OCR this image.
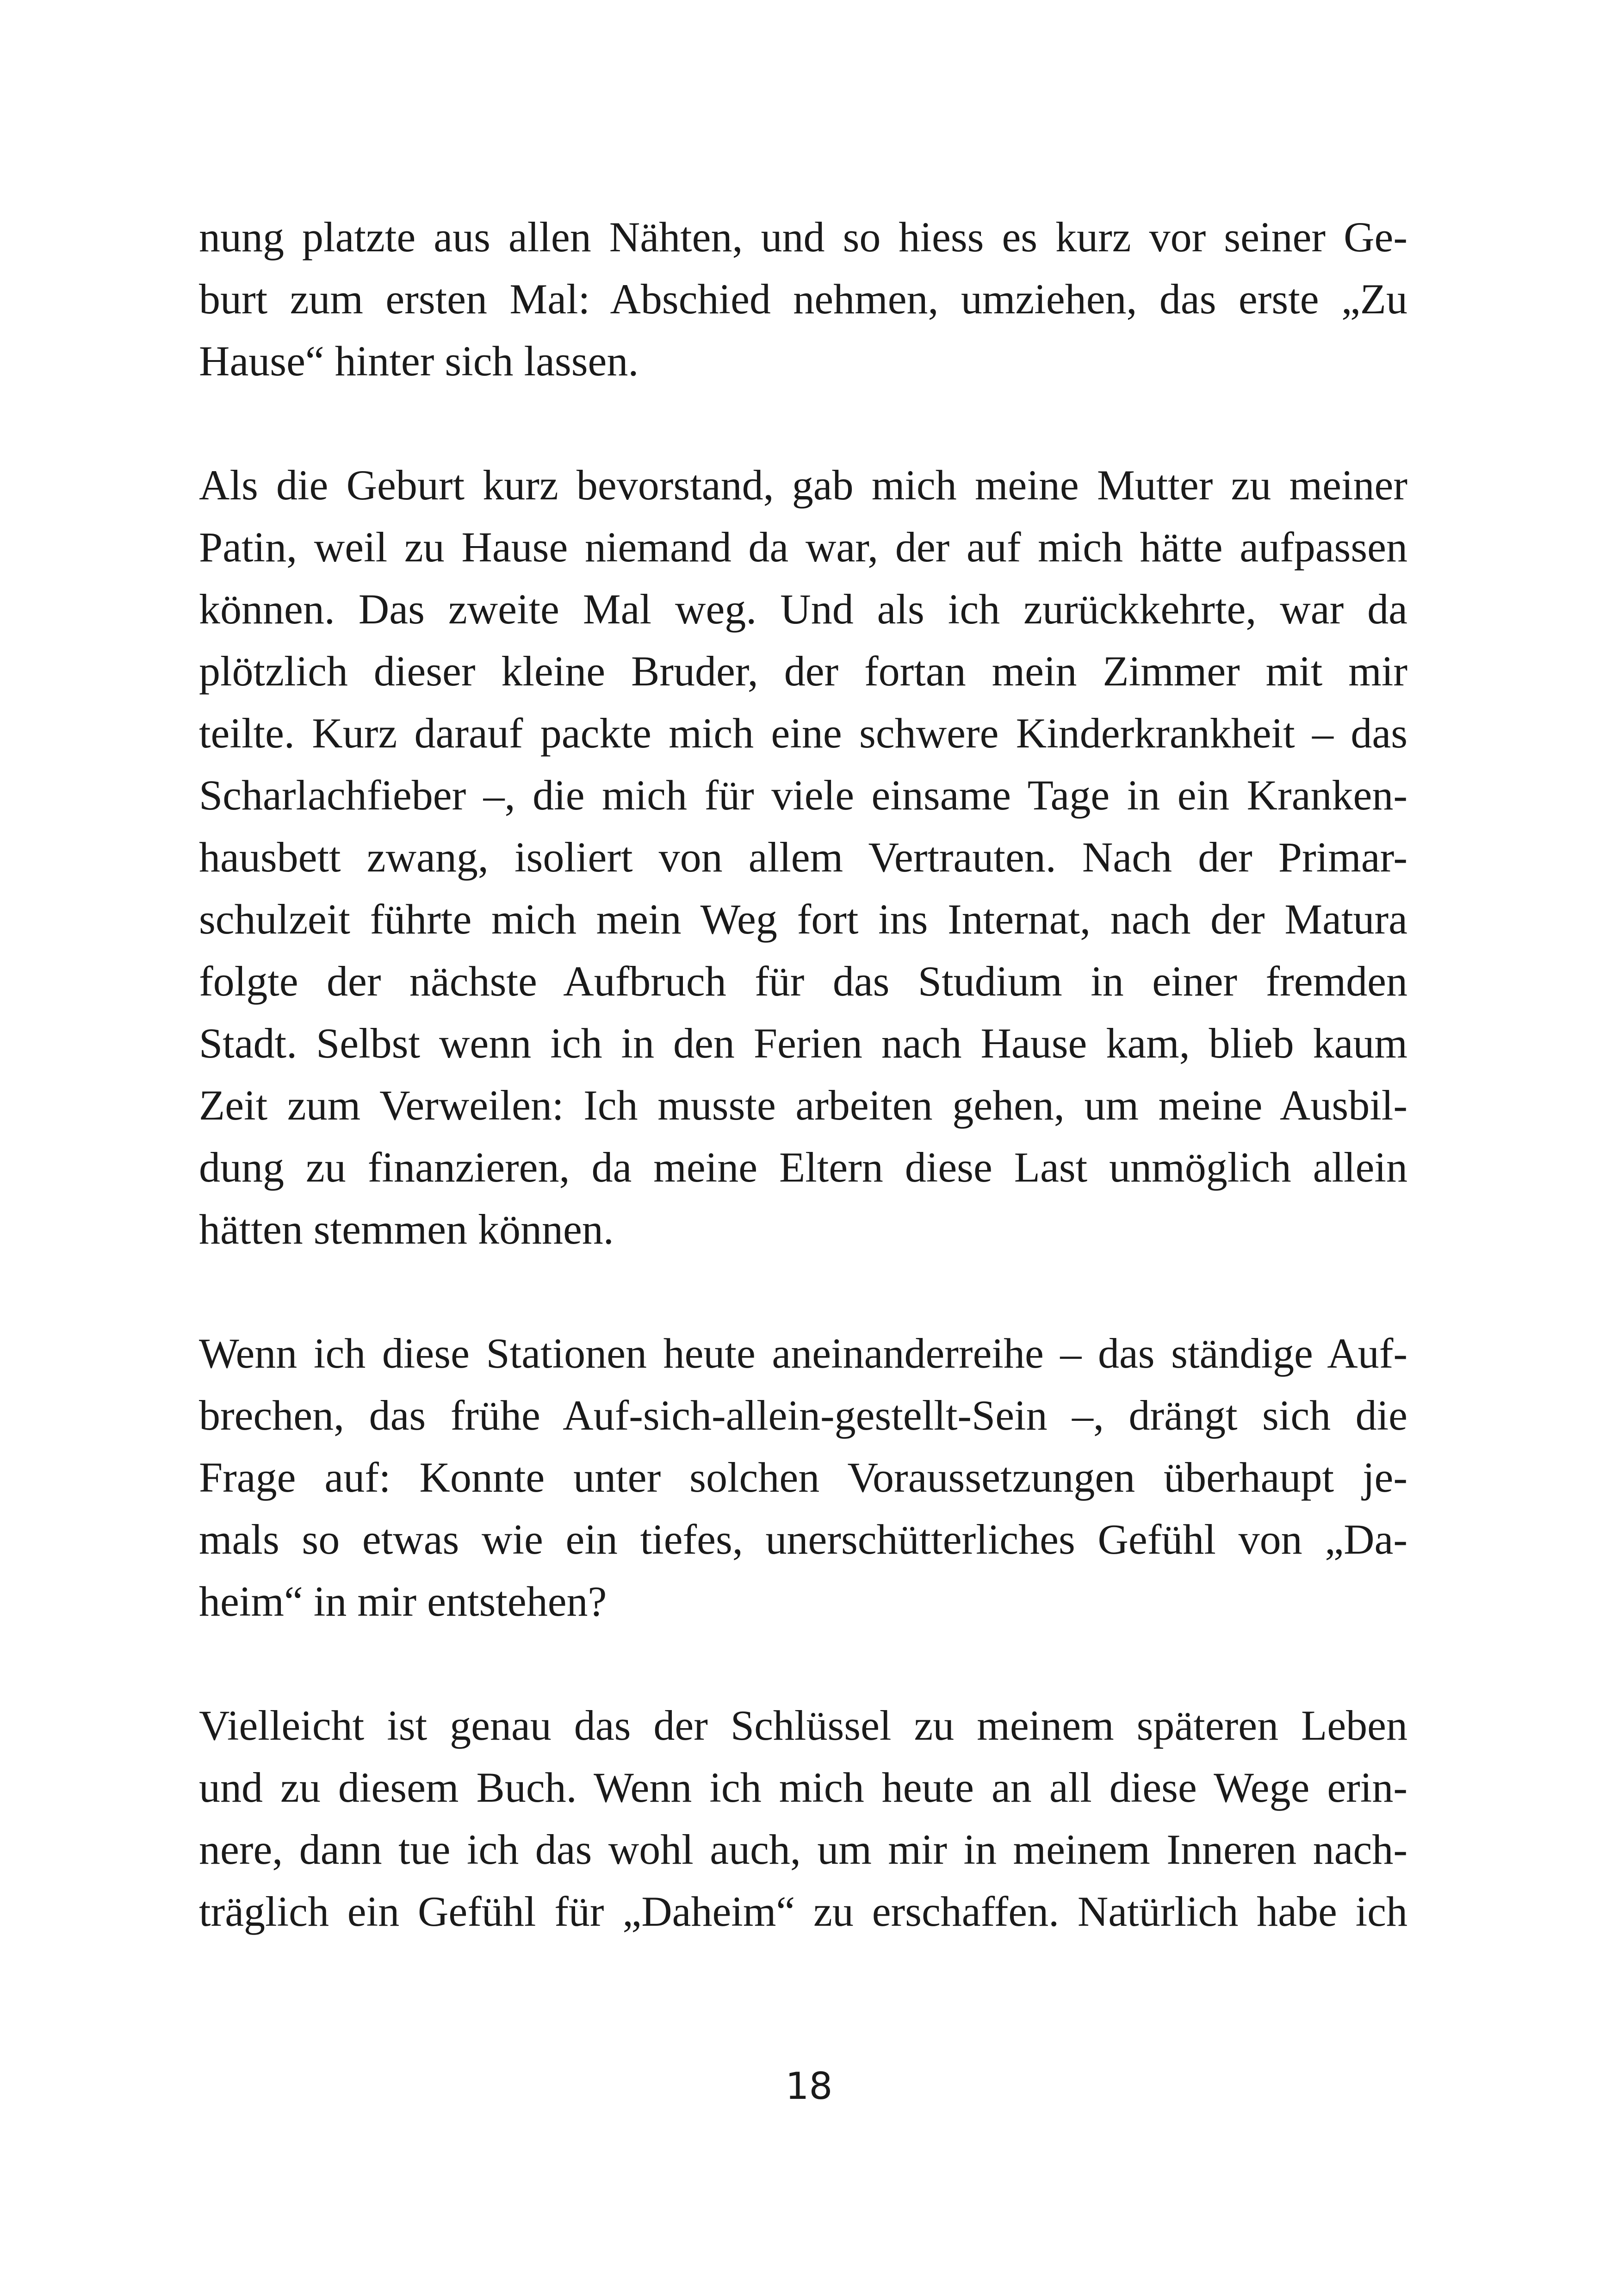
nung platzte aus allen Nähten, und so hiess es kurz vor seiner Ge-
burt zum ersten Mal: Abschied nehmen, umziehen, das erste „Zu
Hause“ hinter sich lassen.

Als die Geburt kurz bevorstand, gab mich meine Mutter zu meiner
Patin, weil zu Hause niemand da war, der auf mich hätte aufpassen
können. Das zweite Mal weg. Und als ich zurückkehrte, war da
plötzlich dieser kleine Bruder, der fortan mein Zimmer mit mir
teilte. Kurz darauf packte mich eine schwere Kinderkrankheit – das
Scharlachfieber –, die mich für viele einsame Tage in ein Kranken-
hausbett zwang, isoliert von allem Vertrauten. Nach der Primar-
schulzeit führte mich mein Weg fort ins Internat, nach der Matura
folgte der nächste Aufbruch für das Studium in einer fremden
Stadt. Selbst wenn ich in den Ferien nach Hause kam, blieb kaum
Zeit zum Verweilen: Ich musste arbeiten gehen, um meine Ausbil-
dung zu finanzieren, da meine Eltern diese Last unmöglich allein
hätten stemmen können.

Wenn ich diese Stationen heute aneinanderreihe – das ständige Auf-
brechen, das frühe Auf-sich-allein-gestellt-Sein –, drängt sich die
Frage auf: Konnte unter solchen Voraussetzungen überhaupt je-
mals so etwas wie ein tiefes, unerschütterliches Gefühl von „Da-
heim“ in mir entstehen?

Vielleicht ist genau das der Schlüssel zu meinem späteren Leben
und zu diesem Buch. Wenn ich mich heute an all diese Wege erin-
nere, dann tue ich das wohl auch, um mir in meinem Inneren nach-
träglich ein Gefühl für „Daheim“ zu erschaffen. Natürlich habe ich

18
